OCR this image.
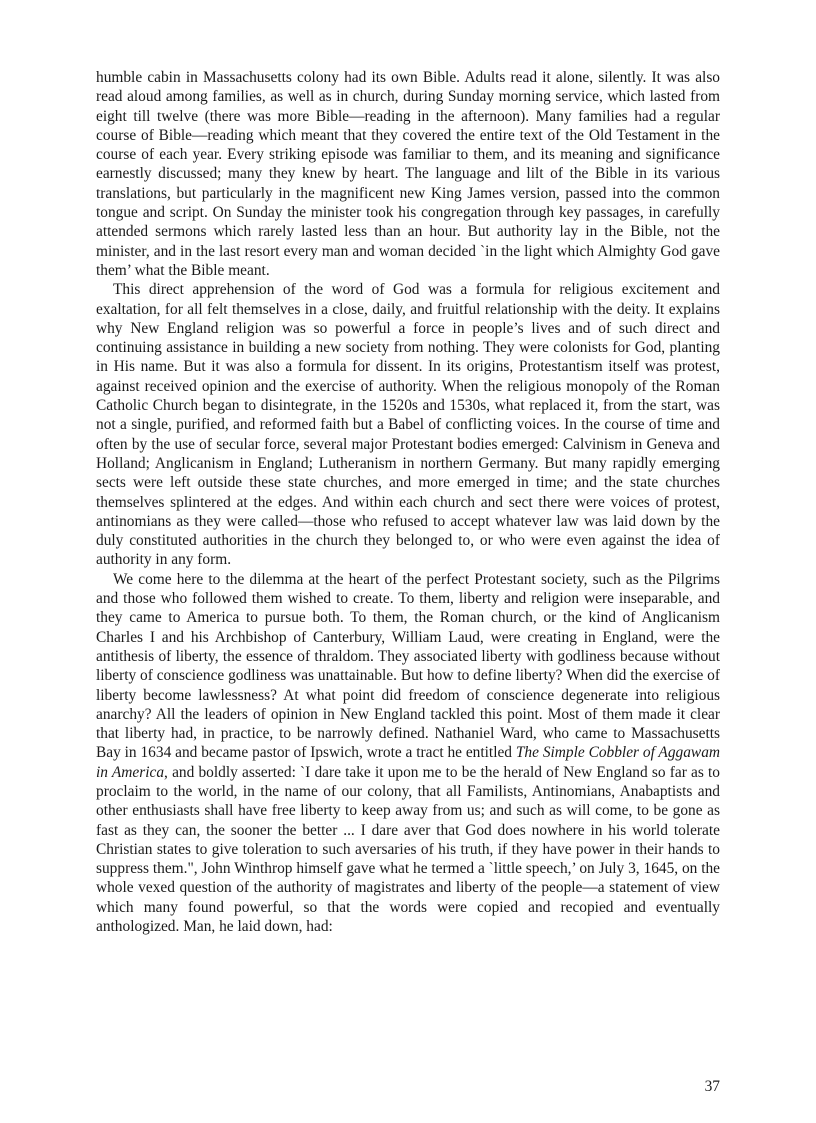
humble cabin in Massachusetts colony had its own Bible. Adults read it alone, silently. It was also read aloud among families, as well as in church, during Sunday morning service, which lasted from eight till twelve (there was more Bible—reading in the afternoon). Many families had a regular course of Bible—reading which meant that they covered the entire text of the Old Testament in the course of each year. Every striking episode was familiar to them, and its meaning and significance earnestly discussed; many they knew by heart. The language and lilt of the Bible in its various translations, but particularly in the magnificent new King James version, passed into the common tongue and script. On Sunday the minister took his congregation through key passages, in carefully attended sermons which rarely lasted less than an hour. But authority lay in the Bible, not the minister, and in the last resort every man and woman decided `in the light which Almighty God gave them’ what the Bible meant.

This direct apprehension of the word of God was a formula for religious excitement and exaltation, for all felt themselves in a close, daily, and fruitful relationship with the deity. It explains why New England religion was so powerful a force in people’s lives and of such direct and continuing assistance in building a new society from nothing. They were colonists for God, planting in His name. But it was also a formula for dissent. In its origins, Protestantism itself was protest, against received opinion and the exercise of authority. When the religious monopoly of the Roman Catholic Church began to disintegrate, in the 1520s and 1530s, what replaced it, from the start, was not a single, purified, and reformed faith but a Babel of conflicting voices. In the course of time and often by the use of secular force, several major Protestant bodies emerged: Calvinism in Geneva and Holland; Anglicanism in England; Lutheranism in northern Germany. But many rapidly emerging sects were left outside these state churches, and more emerged in time; and the state churches themselves splintered at the edges. And within each church and sect there were voices of protest, antinomians as they were called—those who refused to accept whatever law was laid down by the duly constituted authorities in the church they belonged to, or who were even against the idea of authority in any form.

We come here to the dilemma at the heart of the perfect Protestant society, such as the Pilgrims and those who followed them wished to create. To them, liberty and religion were inseparable, and they came to America to pursue both. To them, the Roman church, or the kind of Anglicanism Charles I and his Archbishop of Canterbury, William Laud, were creating in England, were the antithesis of liberty, the essence of thraldom. They associated liberty with godliness because without liberty of conscience godliness was unattainable. But how to define liberty? When did the exercise of liberty become lawlessness? At what point did freedom of conscience degenerate into religious anarchy? All the leaders of opinion in New England tackled this point. Most of them made it clear that liberty had, in practice, to be narrowly defined. Nathaniel Ward, who came to Massachusetts Bay in 1634 and became pastor of Ipswich, wrote a tract he entitled The Simple Cobbler of Aggawam in America, and boldly asserted: `I dare take it upon me to be the herald of New England so far as to proclaim to the world, in the name of our colony, that all Familists, Antinomians, Anabaptists and other enthusiasts shall have free liberty to keep away from us; and such as will come, to be gone as fast as they can, the sooner the better ... I dare aver that God does nowhere in his world tolerate Christian states to give toleration to such aversaries of his truth, if they have power in their hands to suppress them.", John Winthrop himself gave what he termed a `little speech,’ on July 3, 1645, on the whole vexed question of the authority of magistrates and liberty of the people—a statement of view which many found powerful, so that the words were copied and recopied and eventually anthologized. Man, he laid down, had:

37
